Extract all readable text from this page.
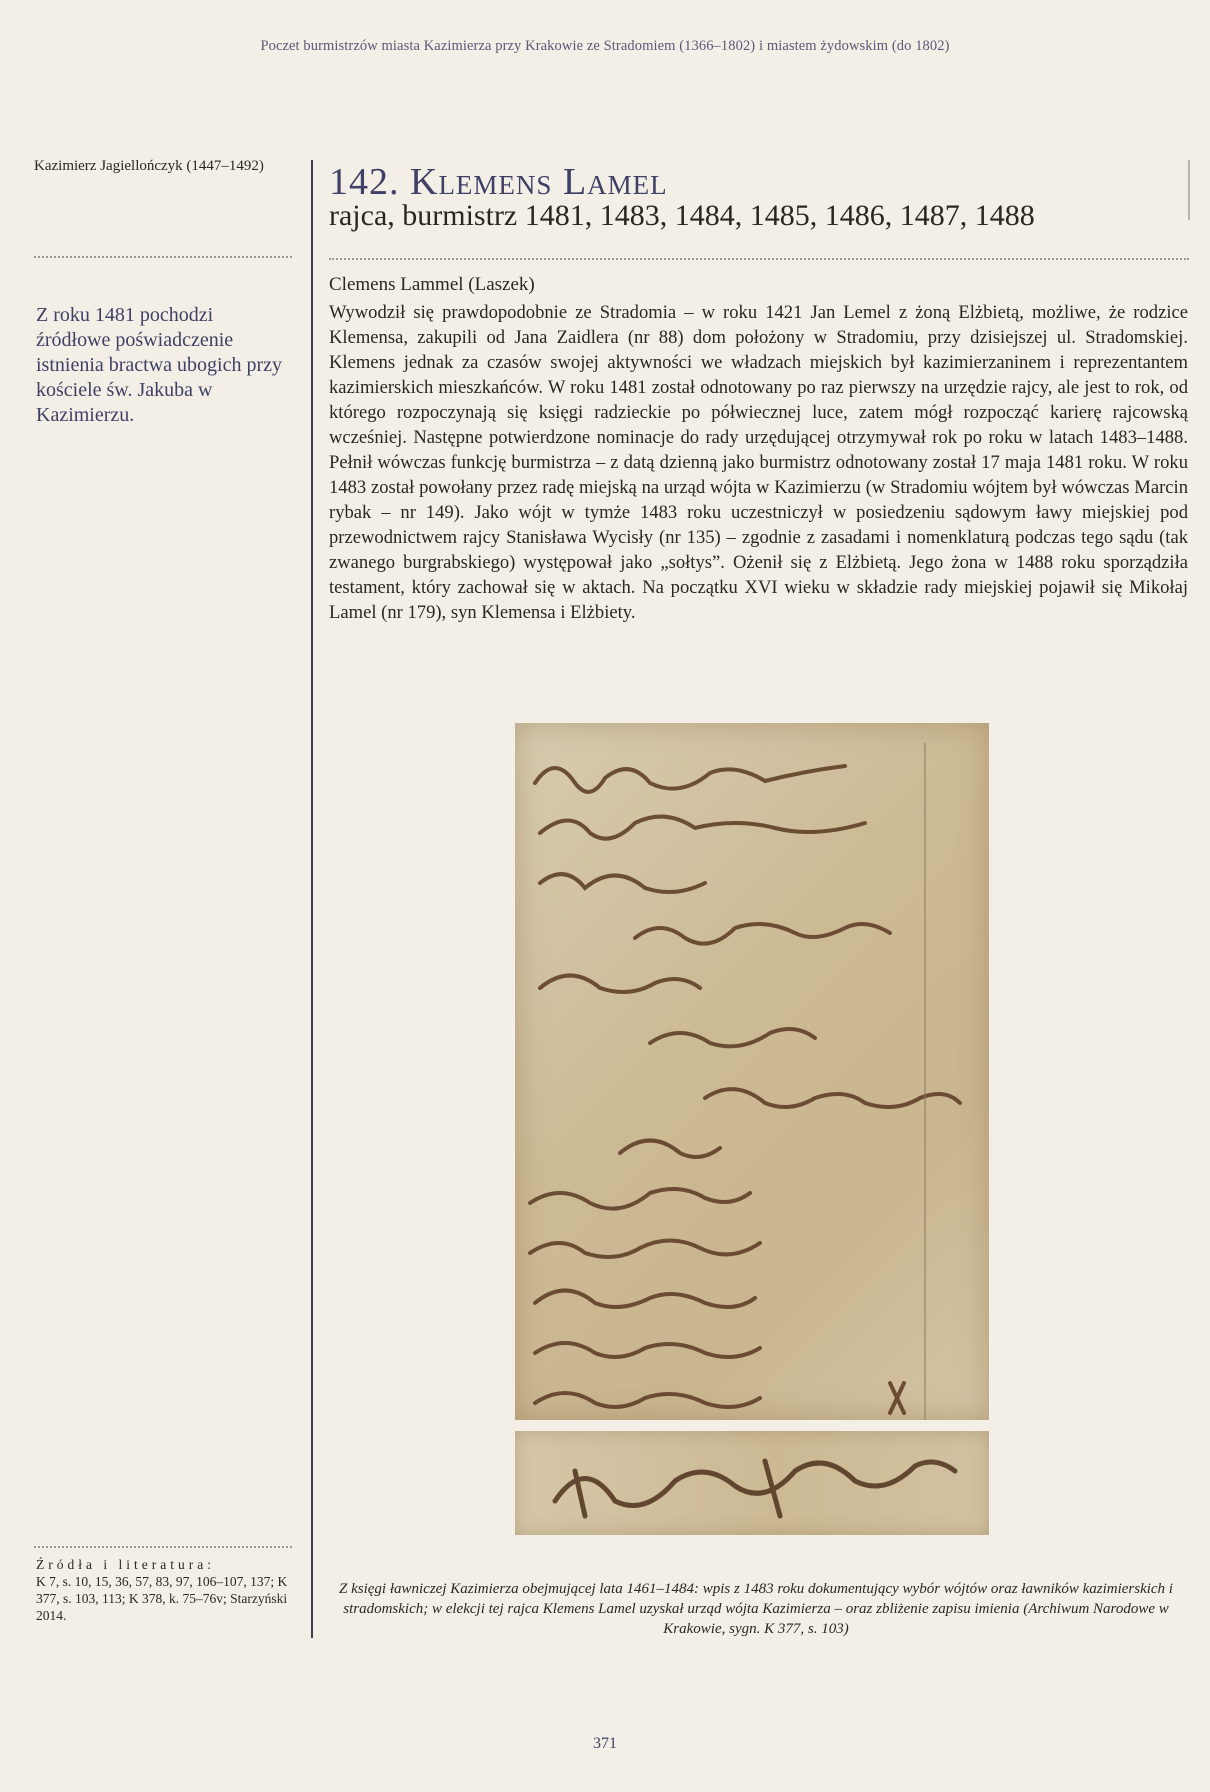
Poczet burmistrzów miasta Kazimierza przy Krakowie ze Stradomiem (1366–1802) i miastem żydowskim (do 1802)
Kazimierz Jagiellończyk (1447–1492)
Z roku 1481 pochodzi źródłowe poświadczenie istnienia bractwa ubogich przy kościele św. Jakuba w Kazimierzu.
Źródła i literatura:
K 7, s. 10, 15, 36, 57, 83, 97, 106–107, 137; K 377, s. 103, 113; K 378, k. 75–76v; Starzyński 2014.
142. Klemens Lamel
rajca, burmistrz 1481, 1483, 1484, 1485, 1486, 1487, 1488
Clemens Lammel (Laszek)
Wywodził się prawdopodobnie ze Stradomia – w roku 1421 Jan Lemel z żoną Elżbietą, możliwe, że rodzice Klemensa, zakupili od Jana Zaidlera (nr 88) dom położony w Stradomiu, przy dzisiejszej ul. Stradomskiej. Klemens jednak za czasów swojej aktywności we władzach miejskich był kazimierzaninem i reprezentantem kazimierskich mieszkańców. W roku 1481 został odnotowany po raz pierwszy na urzędzie rajcy, ale jest to rok, od którego rozpoczynają się księgi radzieckie po półwiecznej luce, zatem mógł rozpocząć karierę rajcowską wcześniej. Następne potwierdzone nominacje do rady urzędującej otrzymywał rok po roku w latach 1483–1488. Pełnił wówczas funkcję burmistrza – z datą dzienną jako burmistrz odnotowany został 17 maja 1481 roku. W roku 1483 został powołany przez radę miejską na urząd wójta w Kazimierzu (w Stradomiu wójtem był wówczas Marcin rybak – nr 149). Jako wójt w tymże 1483 roku uczestniczył w posiedzeniu sądowym ławy miejskiej pod przewodnictwem rajcy Stanisława Wycisły (nr 135) – zgodnie z zasadami i nomenklaturą podczas tego sądu (tak zwanego burgrabskiego) występował jako „sołtys”. Ożenił się z Elżbietą. Jego żona w 1488 roku sporządziła testament, który zachował się w aktach. Na początku XVI wieku w składzie rady miejskiej pojawił się Mikołaj Lamel (nr 179), syn Klemensa i Elżbiety.
Z księgi ławniczej Kazimierza obejmującej lata 1461–1484: wpis z 1483 roku dokumentujący wybór wójtów oraz ławników kazimierskich i stradomskich; w elekcji tej rajca Klemens Lamel uzyskał urząd wójta Kazimierza – oraz zbliżenie zapisu imienia (Archiwum Narodowe w Krakowie, sygn. K 377, s. 103)
371
